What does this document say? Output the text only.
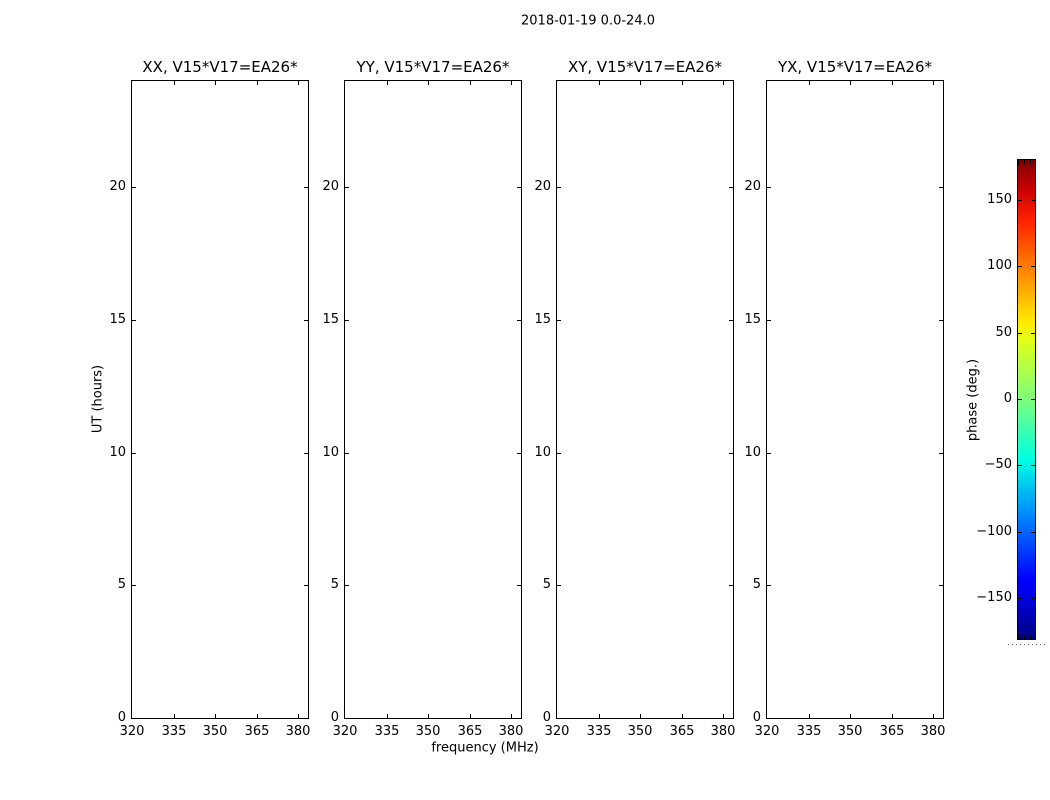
2018-01-19 0.0-24.0
XX, V15*V17=EA26*
320 335 350 365 380
20
15
10
5
0
YY, V15*V17=EA26*
320 335 350 365 380
20
15
10
5
0
XY, V15*V17=EA26*
320 335 350 365 380
20
15
10
5
0
YX, V15*V17=EA26*
320 335 350 365 380
20
15
10
5
0
UT (hours)
frequency (MHz)
150
100
50
0
−50
−100
−150
phase (deg.)
